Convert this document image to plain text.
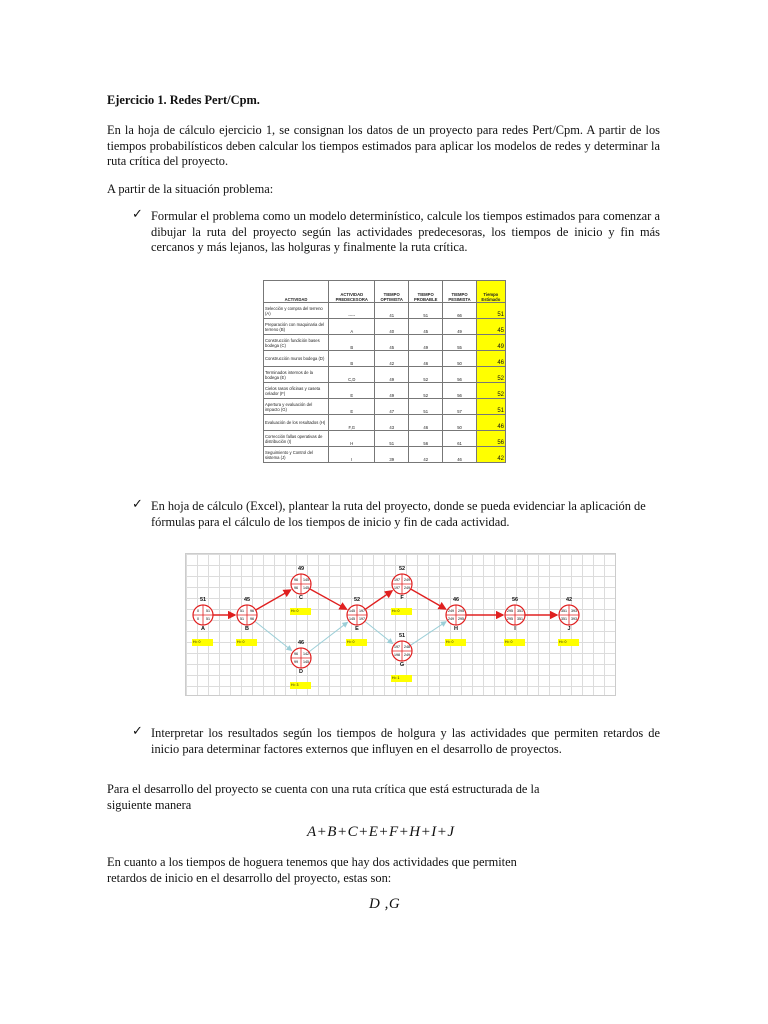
Ejercicio 1. Redes Pert/Cpm.
En la hoja de cálculo ejercicio 1, se consignan los datos de un proyecto para redes Pert/Cpm. A partir de los tiempos probabilísticos deben calcular los tiempos estimados para aplicar los modelos de redes y determinar la ruta crítica del proyecto.
A partir de la situación problema:
✓ Formular el problema como un modelo determinístico, calcule los tiempos estimados para comenzar a dibujar la ruta del proyecto según las actividades predecesoras, los tiempos de inicio y fin más cercanos y más lejanos, las holguras y finalmente la ruta crítica.
ACTIVIDAD	ACTIVIDAD PREDECESORA	TIEMPO OPTIMISTA	TIEMPO PROBABLE	TIEMPO PESIMISTA	Tiempo Estimado
Selección y compra del terreno (A)	-----	41	51	66	51
Preparación con maquinaria del terreno (B)	A	40	45	49	45
Construcción fundición bases bodega (C)	B	45	49	55	49
Construcción muros bodega (D)	B	42	46	50	46
Terminados internos de la bodega (E)	C,D	49	52	56	52
Cielos rasos oficinas y caseta celador (F)	E	49	52	56	52
Apertura y evaluación del impacto (G)	E	47	51	57	51
Evaluación de los resultados (H)	F,G	43	46	50	46
Corrección fallas operativas de distribución (I)	H	51	56	61	56
Seguimiento y Control del sistema (J)	I	39	42	46	42
✓ En hoja de cálculo (Excel), plantear la ruta del proyecto, donde se pueda evidenciar la aplicación de fórmulas para el cálculo de los tiempos de inicio y fin de cada actividad.
0 51
0 51
51 96
51 96
96 145
96 145
96 142
99 145
145 197
145 197
197 249
197 249
197 248
198 249
249 295
249 295
295 351
295 351
351 393
351 393
51
A
H= 0
45
B
H= 0
49
C
H= 0
46
D
H= 3
52
E
H= 0
52
F
H= 0
51
G
H= 1
46
H
H= 0
56
I
H= 0
42
J
H= 0
✓ Interpretar los resultados según los tiempos de holgura y las actividades que permiten retardos de inicio para determinar factores externos que influyen en el desarrollo de proyectos.
Para el desarrollo del proyecto se cuenta con una ruta crítica que está estructurada de la siguiente manera
A+B+C+E+F+H+I+J
En cuanto a los tiempos de hoguera tenemos que hay dos actividades que permiten retardos de inicio en el desarrollo del proyecto, estas son:
D ,G
